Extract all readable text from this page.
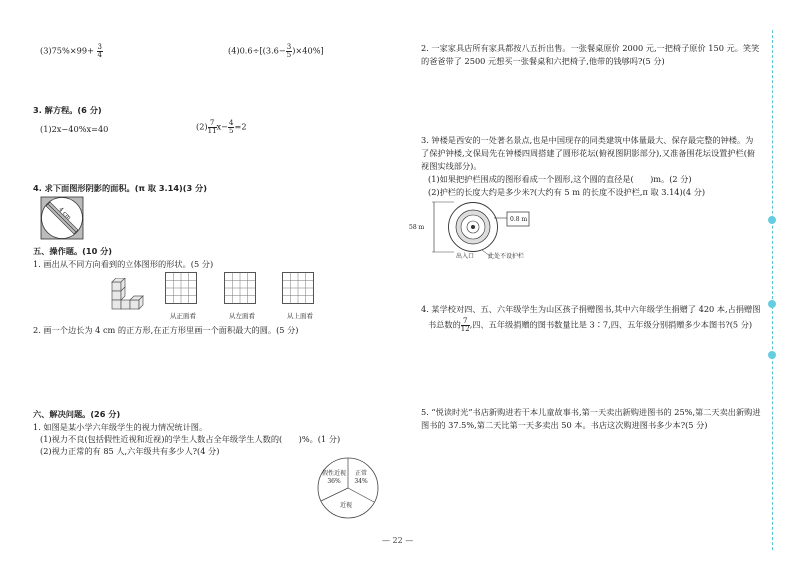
$(3)75\%\times 99+ \frac{3}{4}$	$(4)0.6\div[(3.6- \frac{3}{5} )\times 40\%]$
3. 解方程。(6 分)
(1)2x−40%x=40	$(2) \frac{7}{11} x- \frac{4}{5} =2$
4. 求下面图形阴影的面积。(π 取 3.14)(3 分)
4 cm
五、操作题。(10 分)
1. 画出从不同方向看到的立体图形的形状。(5 分)
从正面看	从左面看	从上面看
2. 画一个边长为 4 cm 的正方形,在正方形里画一个面积最大的圆。(5 分)
六、解决问题。(26 分)
1. 如图是某小学六年级学生的视力情况统计图。
(1)视力不良(包括假性近视和近视)的学生人数占全年级学生人数的(　　)%。(1 分)
(2)视力正常的有 85 人,六年级共有多少人?(4 分)
假性近视36%
正常34%
近视
2. 一家家具店所有家具都按八五折出售。一张餐桌原价 2000 元,一把椅子原价 150 元。笑笑的爸爸带了 2500 元想买一张餐桌和六把椅子,他带的钱够吗?(5 分)
3. 钟楼是西安的一处著名景点,也是中国现存的同类建筑中体量最大、保存最完整的钟楼。为了保护钟楼,文保局先在钟楼四周搭建了圆形花坛(俯视图阴影部分),又准备围花坛设置护栏(俯视图实线部分)。
(1)如果把护栏围成的图形看成一个圆形,这个圆的直径是(　　)m。(2 分)
(2)护栏的长度大约是多少米?(大约有 5 m 的长度不设护栏,π 取 3.14)(4 分)
58 m
0.8 m
出入口 此处不设护栏
4. 某学校对四、五、六年级学生为山区孩子捐赠图书,其中六年级学生捐赠了 420 本,占捐赠图
书总数的 $\frac{7}{12}$ ,四、五年级捐赠的图书数量比是 3∶7,四、五年级分别捐赠多少本图书?(5 分)
5. “悦读时光”书店新购进若干本儿童故事书,第一天卖出新购进图书的 25%,第二天卖出新购进图书的 37.5%,第二天比第一天多卖出 50 本。书店这次购进图书多少本?(5 分)
— 22 —
